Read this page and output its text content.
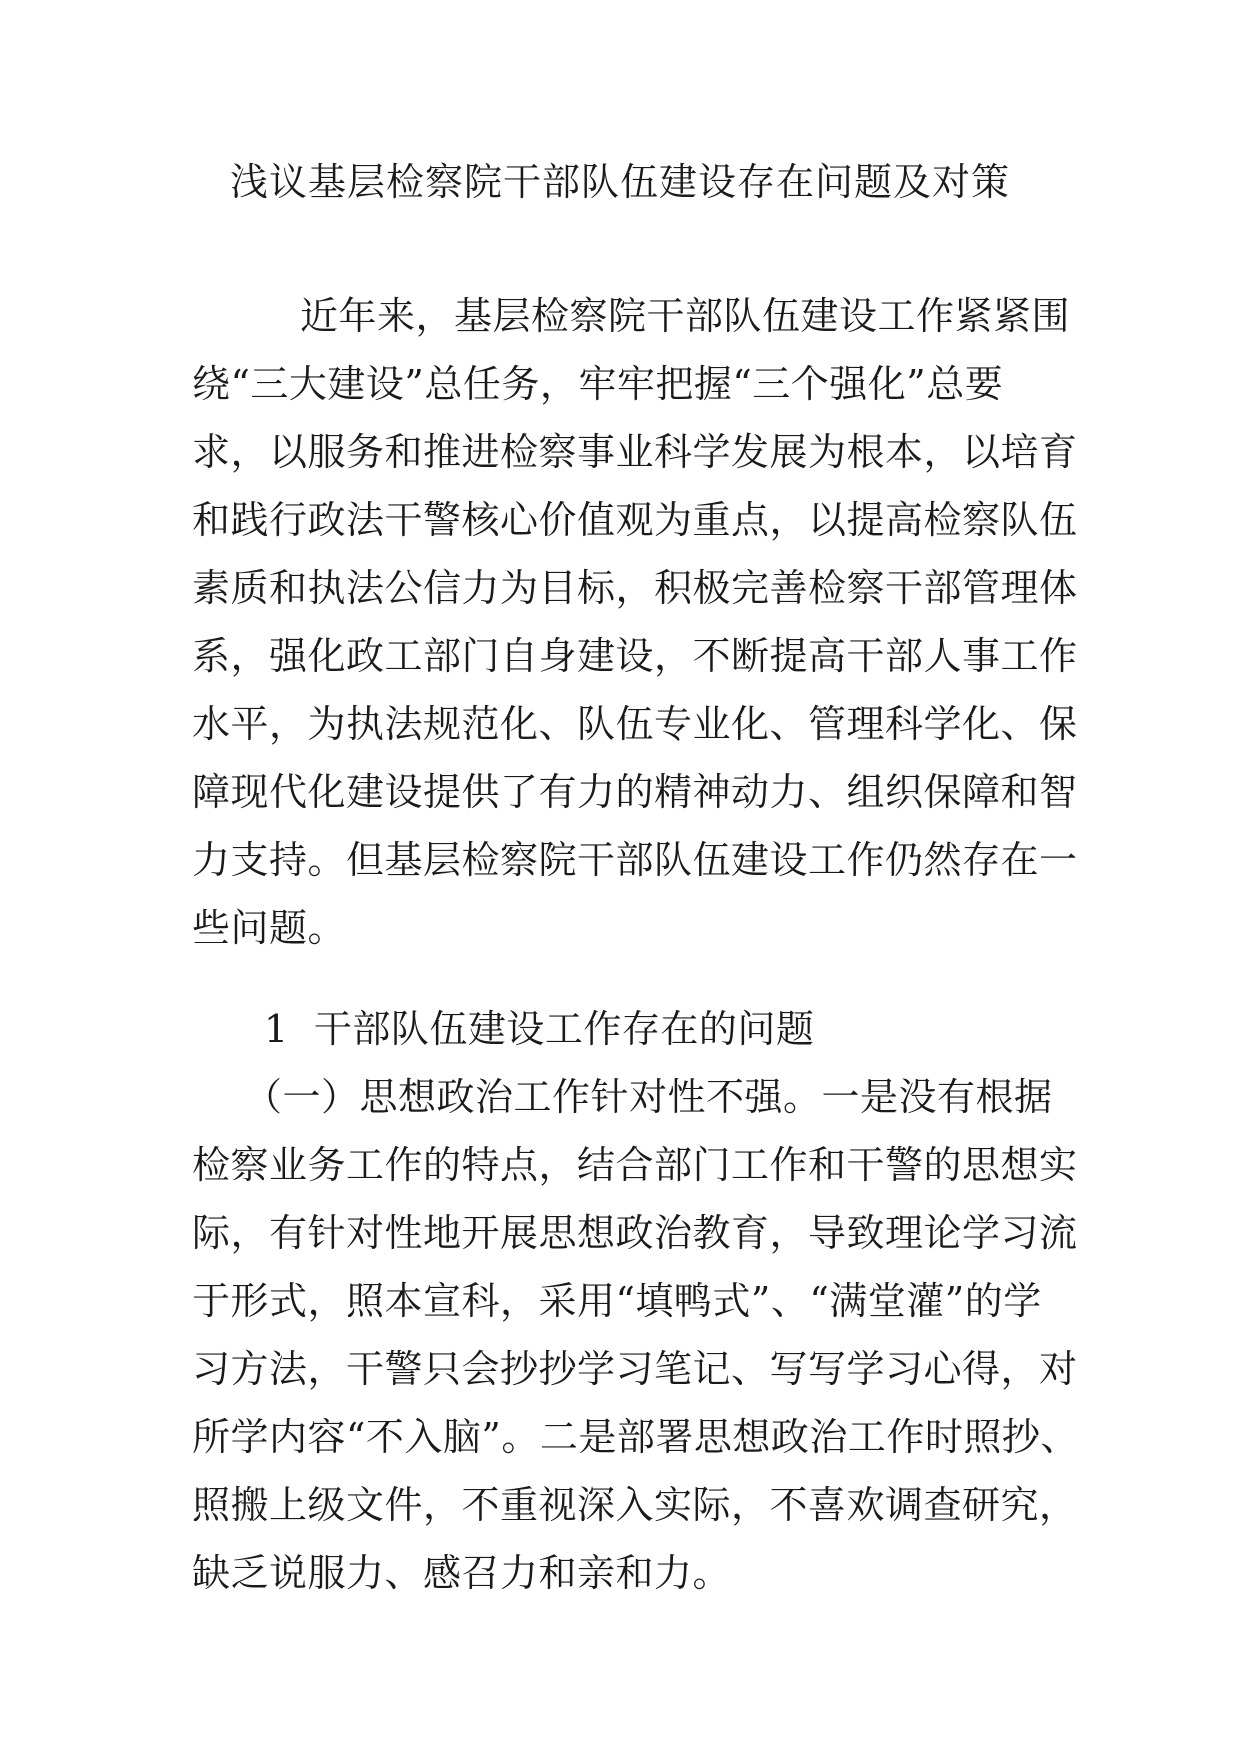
浅议基层检察院干部队伍建设存在问题及对策
近年来，基层检察院干部队伍建设工作紧紧围
绕“三大建设”总任务，牢牢把握“三个强化”总要
求，以服务和推进检察事业科学发展为根本，以培育
和践行政法干警核心价值观为重点，以提高检察队伍
素质和执法公信力为目标，积极完善检察干部管理体
系，强化政工部门自身建设，不断提高干部人事工作
水平，为执法规范化、队伍专业化、管理科学化、保
障现代化建设提供了有力的精神动力、组织保障和智
力支持。但基层检察院干部队伍建设工作仍然存在一
些问题。
1  干部队伍建设工作存在的问题
（一）思想政治工作针对性不强。一是没有根据
检察业务工作的特点，结合部门工作和干警的思想实
际，有针对性地开展思想政治教育，导致理论学习流
于形式，照本宣科，采用“填鸭式”、“满堂灌”的学
习方法，干警只会抄抄学习笔记、写写学习心得，对
所学内容“不入脑”。二是部署思想政治工作时照抄、
照搬上级文件，不重视深入实际，不喜欢调查研究，
缺乏说服力、感召力和亲和力。
